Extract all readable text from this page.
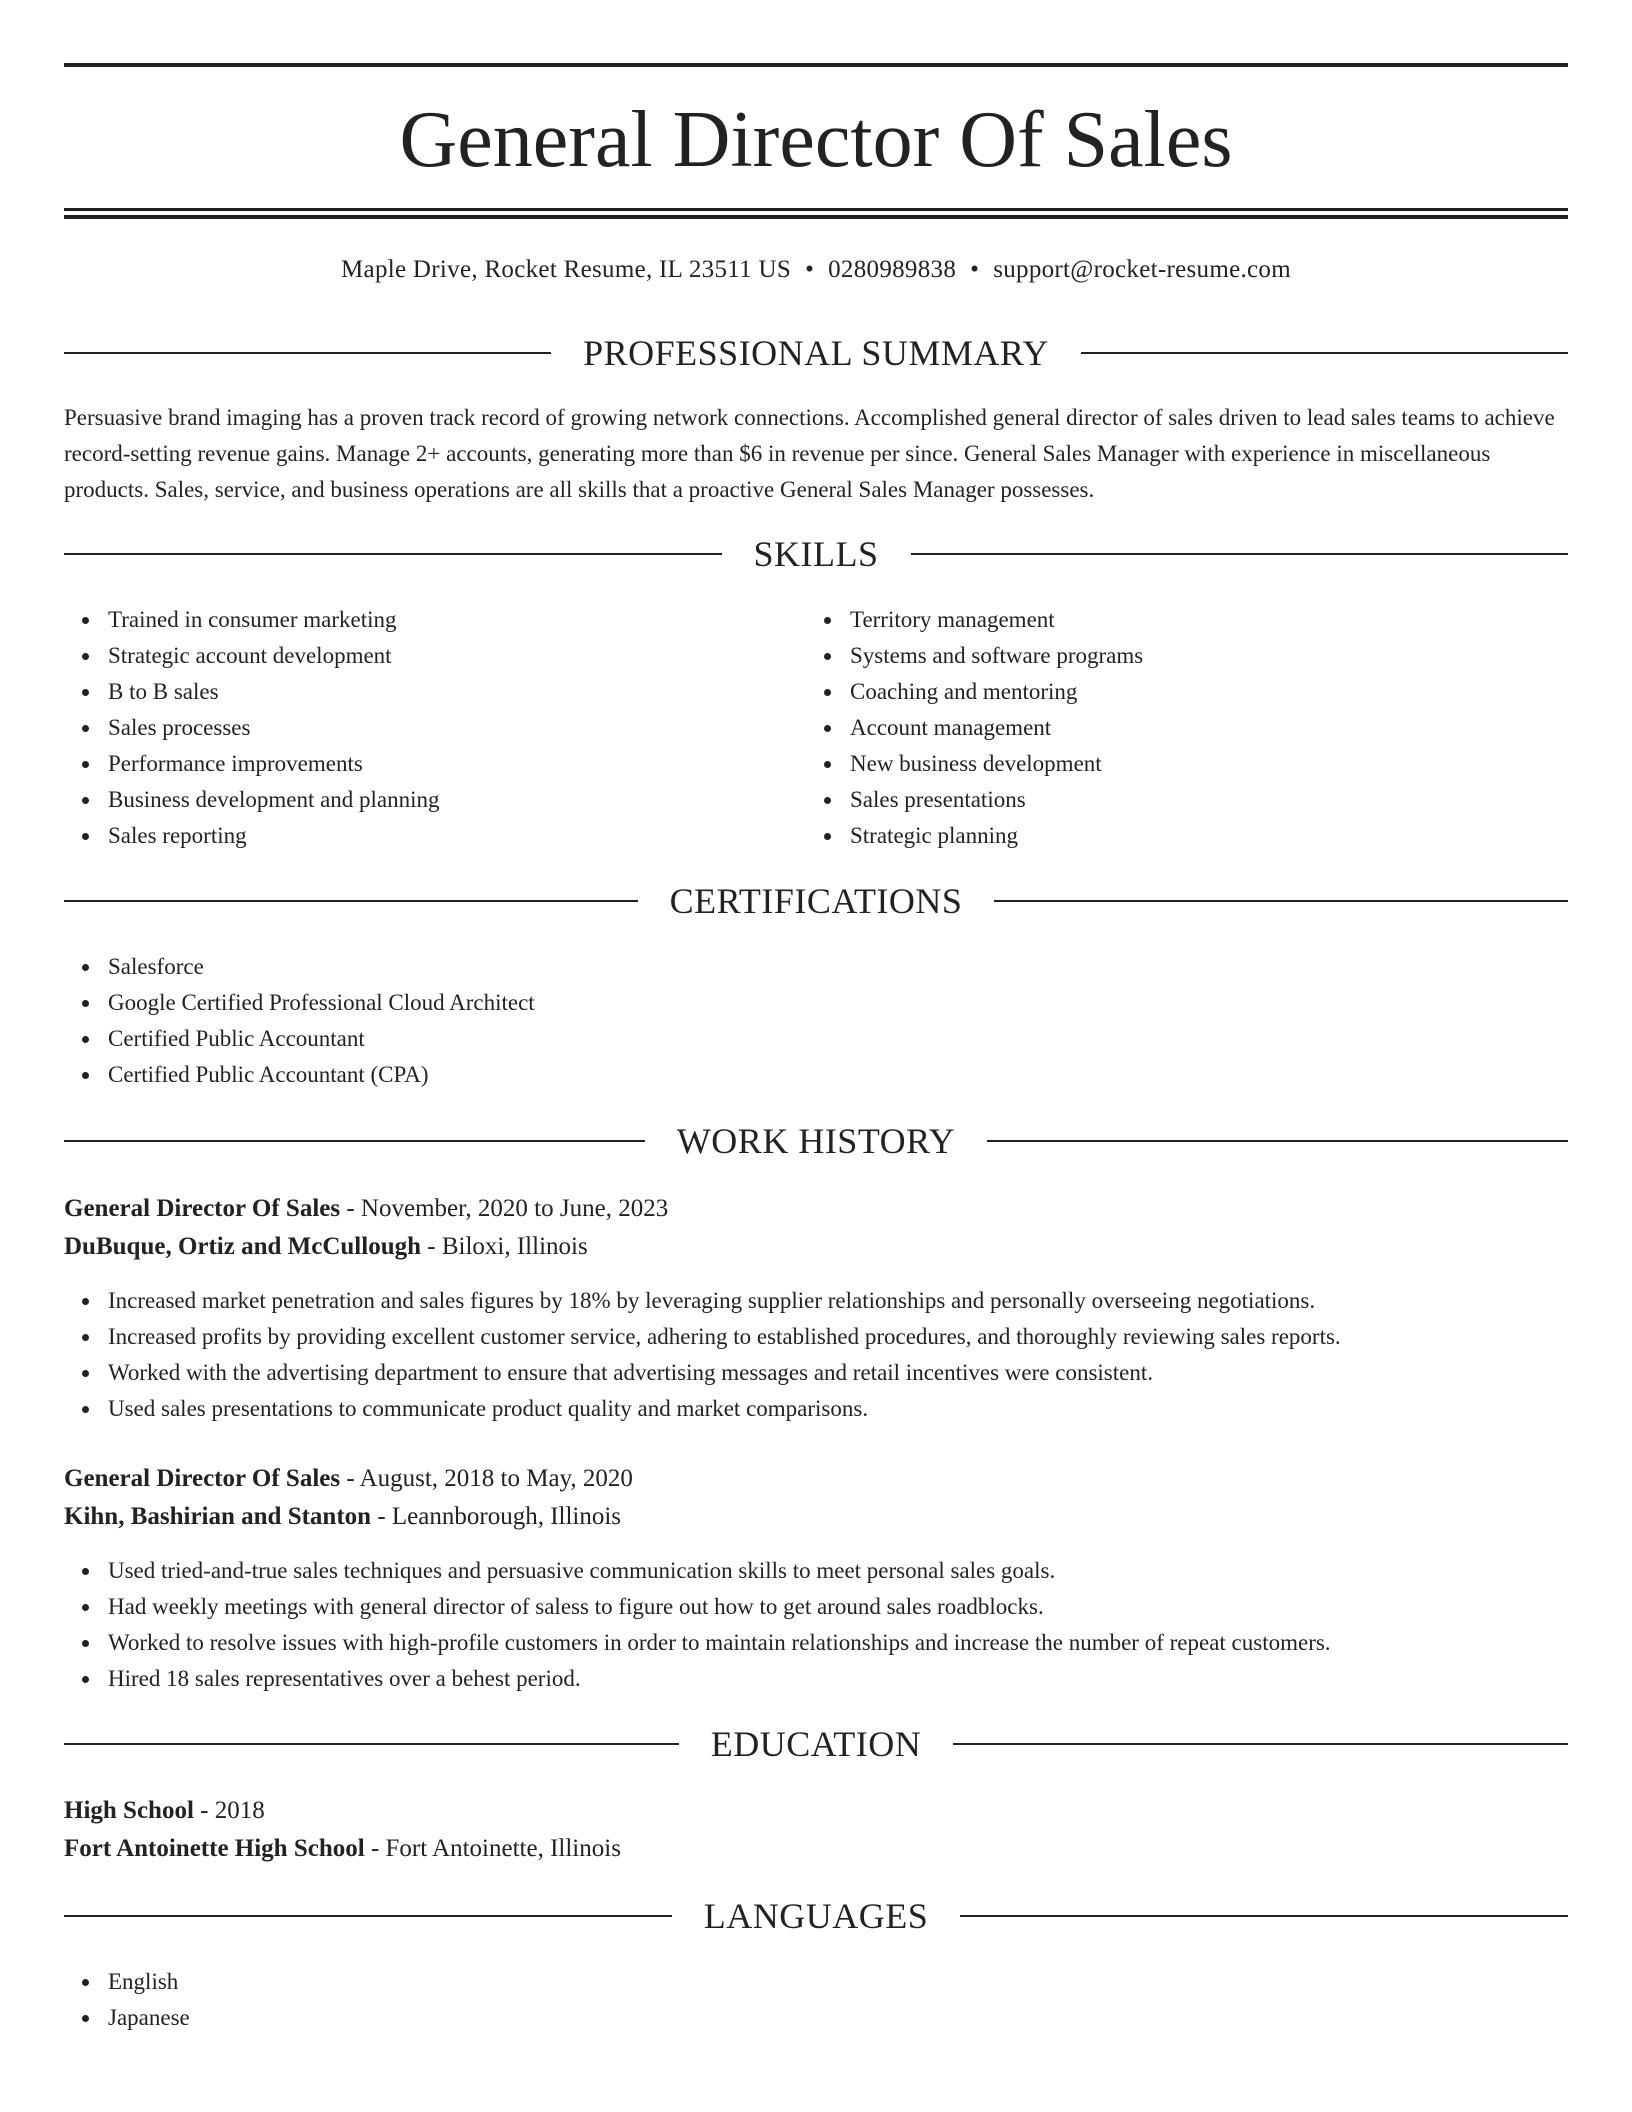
General Director Of Sales
Maple Drive, Rocket Resume, IL 23511 US • 0280989838 • support@rocket-resume.com
PROFESSIONAL SUMMARY

Persuasive brand imaging has a proven track record of growing network connections. Accomplished general director of sales driven to lead sales teams to achieve record-setting revenue gains. Manage 2+ accounts, generating more than $6 in revenue per since. General Sales Manager with experience in miscellaneous products. Sales, service, and business operations are all skills that a proactive General Sales Manager possesses.

SKILLS
Trained in consumer marketing
Strategic account development
B to B sales
Sales processes
Performance improvements
Business development and planning
Sales reporting
Territory management
Systems and software programs
Coaching and mentoring
Account management
New business development
Sales presentations
Strategic planning
CERTIFICATIONS
Salesforce
Google Certified Professional Cloud Architect
Certified Public Accountant
Certified Public Accountant (CPA)
WORK HISTORY
General Director Of Sales - November, 2020 to June, 2023
DuBuque, Ortiz and McCullough - Biloxi, Illinois
Increased market penetration and sales figures by 18% by leveraging supplier relationships and personally overseeing negotiations.
Increased profits by providing excellent customer service, adhering to established procedures, and thoroughly reviewing sales reports.
Worked with the advertising department to ensure that advertising messages and retail incentives were consistent.
Used sales presentations to communicate product quality and market comparisons.
General Director Of Sales - August, 2018 to May, 2020
Kihn, Bashirian and Stanton - Leannborough, Illinois
Used tried-and-true sales techniques and persuasive communication skills to meet personal sales goals.
Had weekly meetings with general director of saless to figure out how to get around sales roadblocks.
Worked to resolve issues with high-profile customers in order to maintain relationships and increase the number of repeat customers.
Hired 18 sales representatives over a behest period.
EDUCATION
High School - 2018
Fort Antoinette High School - Fort Antoinette, Illinois
LANGUAGES
English
Japanese
